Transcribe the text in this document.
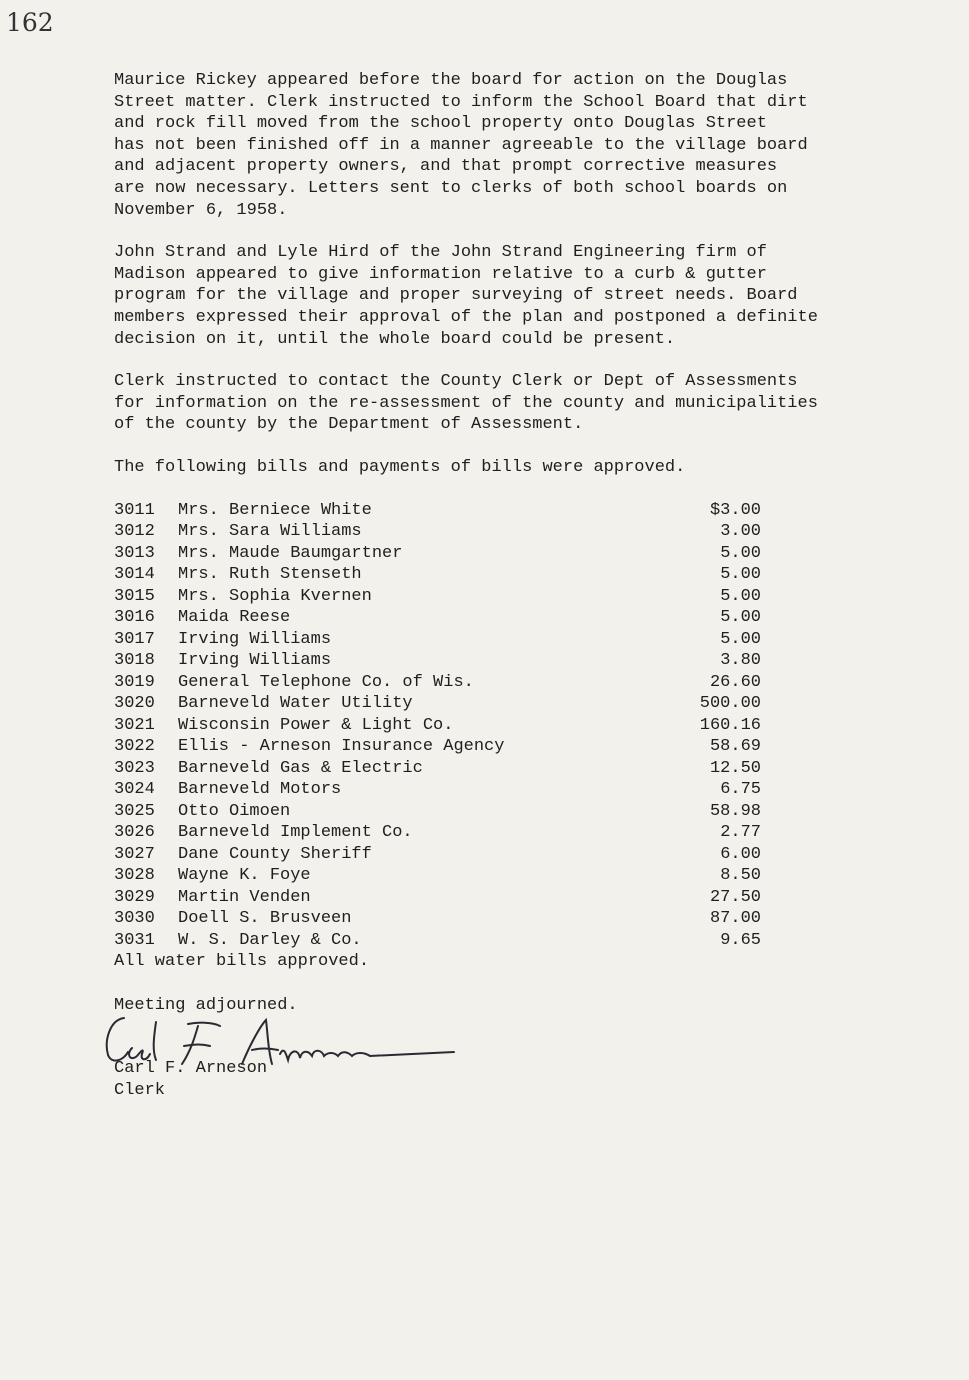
162

Maurice Rickey appeared before the board for action on the Douglas
Street matter. Clerk instructed to inform the School Board that dirt
and rock fill moved from the school property onto Douglas Street
has not been finished off in a manner agreeable to the village board
and adjacent property owners, and that prompt corrective measures
are now necessary. Letters sent to clerks of both school boards on
November 6, 1958.

John Strand and Lyle Hird of the John Strand Engineering firm of
Madison appeared to give information relative to a curb & gutter
program for the village and proper surveying of street needs. Board
members expressed their approval of the plan and postponed a definite
decision on it, until the whole board could be present.

Clerk instructed to contact the County Clerk or Dept of Assessments
for information on the re-assessment of the county and municipalities
of the county by the Department of Assessment.

The following bills and payments of bills were approved.

3011 Mrs. Berniece White	$3.00
3012 Mrs. Sara Williams	3.00
3013 Mrs. Maude Baumgartner	5.00
3014 Mrs. Ruth Stenseth	5.00
3015 Mrs. Sophia Kvernen	5.00
3016 Maida Reese	5.00
3017 Irving Williams	5.00
3018 Irving Williams	3.80
3019 General Telephone Co. of Wis.	26.60
3020 Barneveld Water Utility	500.00
3021 Wisconsin Power & Light Co.	160.16
3022 Ellis - Arneson Insurance Agency	58.69
3023 Barneveld Gas & Electric	12.50
3024 Barneveld Motors	6.75
3025 Otto Oimoen	58.98
3026 Barneveld Implement Co.	2.77
3027 Dane County Sheriff	6.00
3028 Wayne K. Foye	8.50
3029 Martin Venden	27.50
3030 Doell S. Brusveen	87.00
3031 W. S. Darley & Co.	9.65
All water bills approved.
Meeting adjourned.
Carl F. Arneson
Clerk
